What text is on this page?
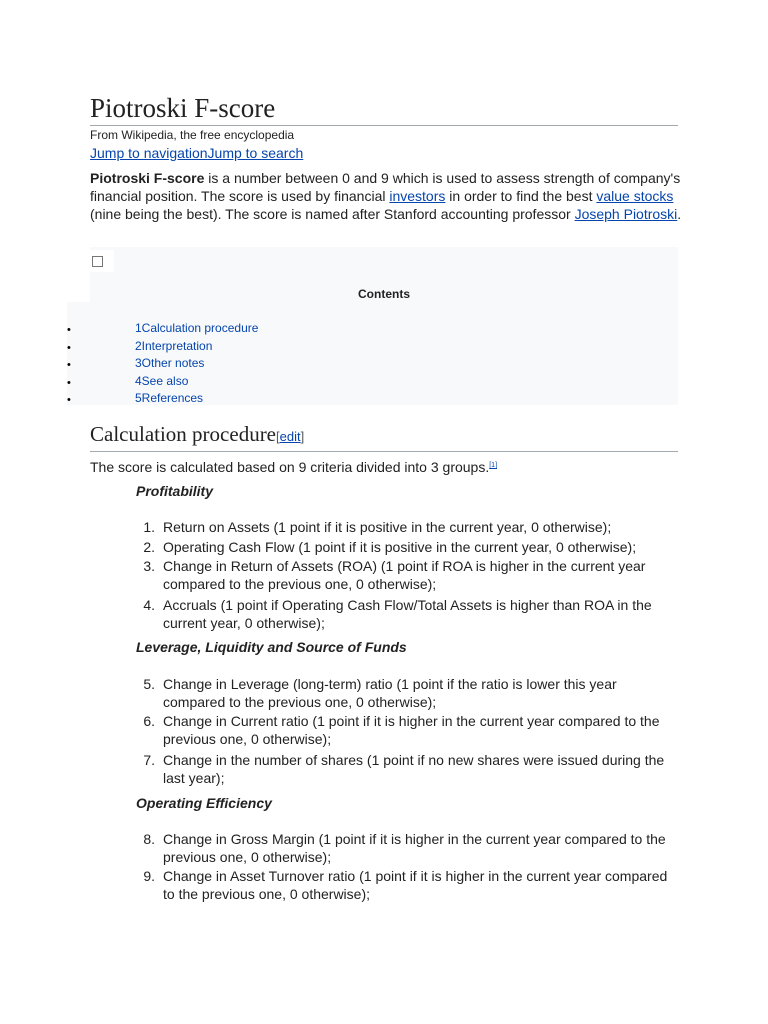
Piotroski F-score
From Wikipedia, the free encyclopedia
Jump to navigationJump to search

Piotroski F-score is a number between 0 and 9 which is used to assess strength of company's financial position. The score is used by financial investors in order to find the best value stocks (nine being the best). The score is named after Stanford accounting professor Joseph Piotroski.

Contents
•	1Calculation procedure
•	2Interpretation
•	3Other notes
•	4See also
•	5References
Calculation procedure[edit]
The score is calculated based on 9 criteria divided into 3 groups.[1]
Profitability
1. Return on Assets (1 point if it is positive in the current year, 0 otherwise);
2. Operating Cash Flow (1 point if it is positive in the current year, 0 otherwise);
3. Change in Return of Assets (ROA) (1 point if ROA is higher in the current year compared to the previous one, 0 otherwise);
4. Accruals (1 point if Operating Cash Flow/Total Assets is higher than ROA in the current year, 0 otherwise);
Leverage, Liquidity and Source of Funds
5. Change in Leverage (long-term) ratio (1 point if the ratio is lower this year compared to the previous one, 0 otherwise);
6. Change in Current ratio (1 point if it is higher in the current year compared to the previous one, 0 otherwise);
7. Change in the number of shares (1 point if no new shares were issued during the last year);
Operating Efficiency
8. Change in Gross Margin (1 point if it is higher in the current year compared to the previous one, 0 otherwise);
9. Change in Asset Turnover ratio (1 point if it is higher in the current year compared to the previous one, 0 otherwise);
